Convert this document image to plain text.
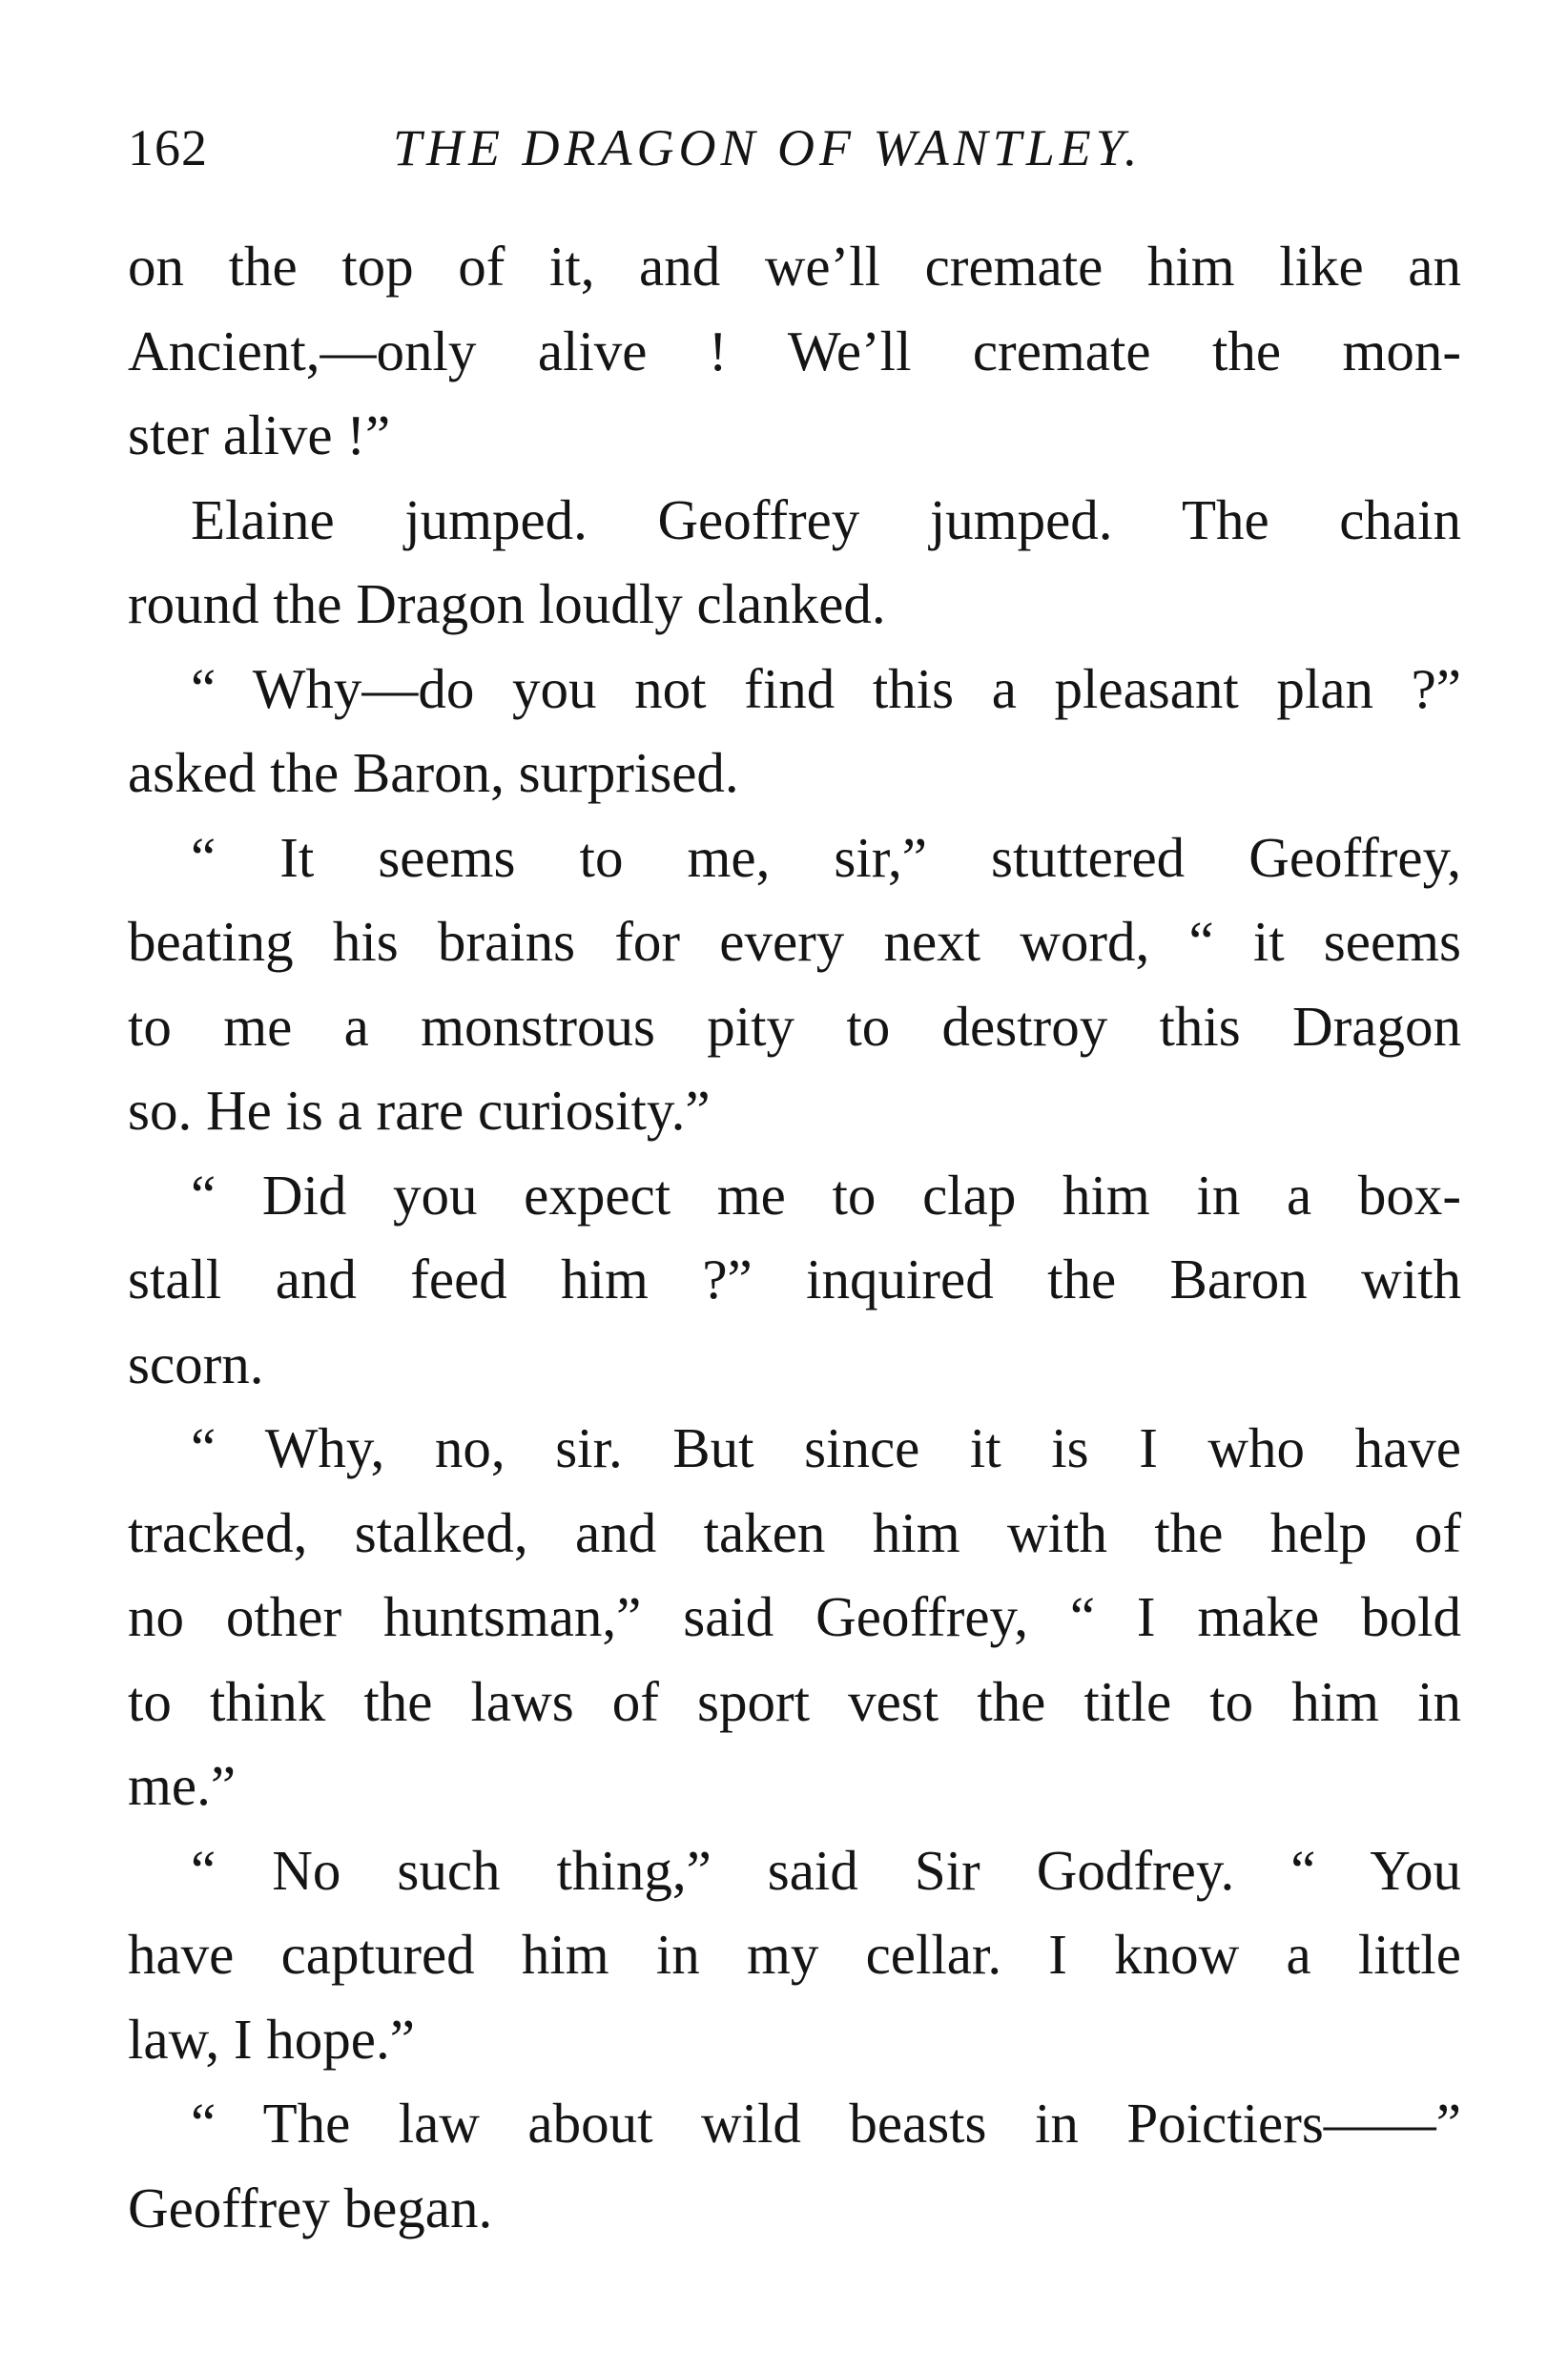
162	THE DRAGON OF WANTLEY.
on the top of it, and we’ll cremate him like an
Ancient,—only alive ! We’ll cremate the mon-
ster alive !”
Elaine jumped. Geoffrey jumped. The chain
round the Dragon loudly clanked.
“ Why—do you not find this a pleasant plan ?”
asked the Baron, surprised.
“ It seems to me, sir,” stuttered Geoffrey,
beating his brains for every next word, “ it seems
to me a monstrous pity to destroy this Dragon
so. He is a rare curiosity.”
“ Did you expect me to clap him in a box-
stall and feed him ?” inquired the Baron with
scorn.
“ Why, no, sir. But since it is I who have
tracked, stalked, and taken him with the help of
no other huntsman,” said Geoffrey, “ I make bold
to think the laws of sport vest the title to him in
me.”
“ No such thing,” said Sir Godfrey. “ You
have captured him in my cellar. I know a little
law, I hope.”
“ The law about wild beasts in Poictiers——”
Geoffrey began.
